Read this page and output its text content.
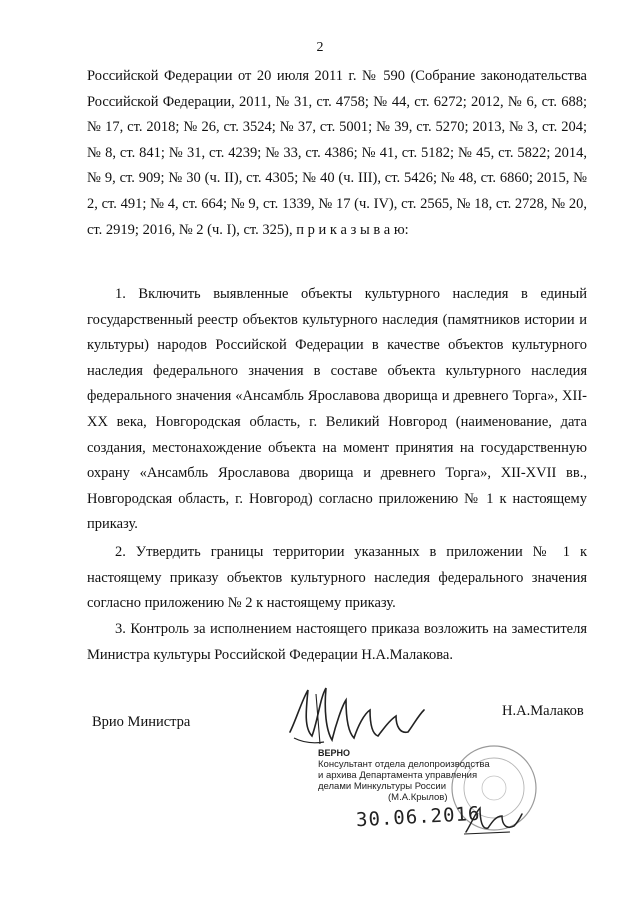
2

Российской Федерации от 20 июля 2011 г. № 590 (Собрание законодательства Российской Федерации, 2011, № 31, ст. 4758; № 44, ст. 6272; 2012, № 6, ст. 688; № 17, ст. 2018; № 26, ст. 3524; № 37, ст. 5001; № 39, ст. 5270; 2013, № 3, ст. 204; № 8, ст. 841; № 31, ст. 4239; № 33, ст. 4386; № 41, ст. 5182; № 45, ст. 5822; 2014, № 9, ст. 909; № 30 (ч. II), ст. 4305; № 40 (ч. III), ст. 5426; № 48, ст. 6860; 2015, № 2, ст. 491; № 4, ст. 664; № 9, ст. 1339, № 17 (ч. IV), ст. 2565, № 18, ст. 2728, № 20, ст. 2919; 2016, № 2 (ч. I), ст. 325), п р и к а з ы в а ю:

1. Включить выявленные объекты культурного наследия в единый государственный реестр объектов культурного наследия (памятников истории и культуры) народов Российской Федерации в качестве объектов культурного наследия федерального значения в составе объекта культурного наследия федерального значения «Ансамбль Ярославова дворища и древнего Торга», XII-XX века, Новгородская область, г. Великий Новгород (наименование, дата создания, местонахождение объекта на момент принятия на государственную охрану «Ансамбль Ярославова дворища и древнего Торга», XII-XVII вв., Новгородская область, г. Новгород) согласно приложению № 1 к настоящему приказу.

2. Утвердить границы территории указанных в приложении № 1 к настоящему приказу объектов культурного наследия федерального значения согласно приложению № 2 к настоящему приказу.

3. Контроль за исполнением настоящего приказа возложить на заместителя Министра культуры Российской Федерации Н.А.Малакова.

Врио Министра
Н.А.Малаков
ВЕРНО
Консультант отдела делопроизводства
и архива Департамента управления
делами Минкультуры России
(М.А.Крылов)
30.06.2016
